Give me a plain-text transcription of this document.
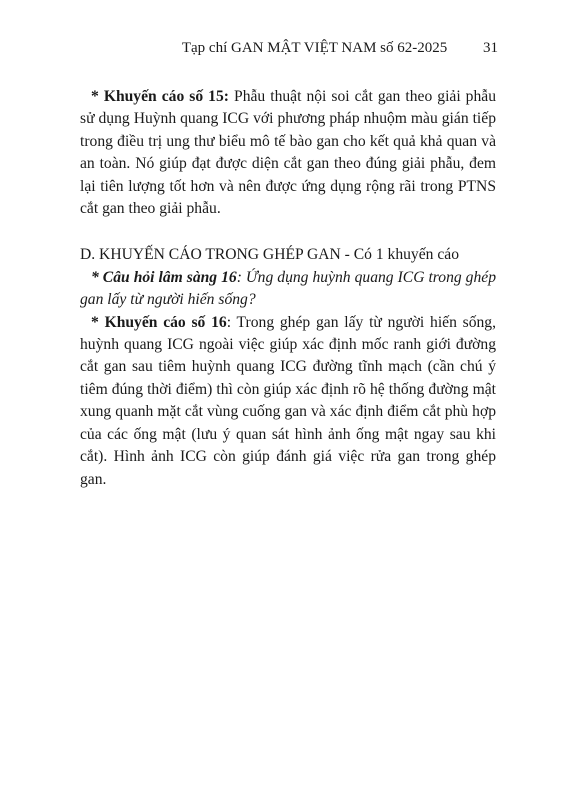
Tạp chí GAN MẬT VIỆT NAM số 62-2025 31

* Khuyến cáo số 15: Phẫu thuật nội soi cắt gan theo giải phẫu sử dụng Huỳnh quang ICG với phương pháp nhuộm màu gián tiếp trong điều trị ung thư biểu mô tế bào gan cho kết quả khả quan và an toàn. Nó giúp đạt được diện cắt gan theo đúng giải phẫu, đem lại tiên lượng tốt hơn và nên được ứng dụng rộng rãi trong PTNS cắt gan theo giải phẫu.

D. KHUYẾN CÁO TRONG GHÉP GAN - Có 1 khuyến cáo

* Câu hỏi lâm sàng 16: Ứng dụng huỳnh quang ICG trong ghép gan lấy từ người hiến sống?

* Khuyến cáo số 16: Trong ghép gan lấy từ người hiến sống, huỳnh quang ICG ngoài việc giúp xác định mốc ranh giới đường cắt gan sau tiêm huỳnh quang ICG đường tĩnh mạch (cần chú ý tiêm đúng thời điểm) thì còn giúp xác định rõ hệ thống đường mật xung quanh mặt cắt vùng cuống gan và xác định điểm cắt phù hợp của các ống mật (lưu ý quan sát hình ảnh ống mật ngay sau khi cắt). Hình ảnh ICG còn giúp đánh giá việc rửa gan trong ghép gan.
